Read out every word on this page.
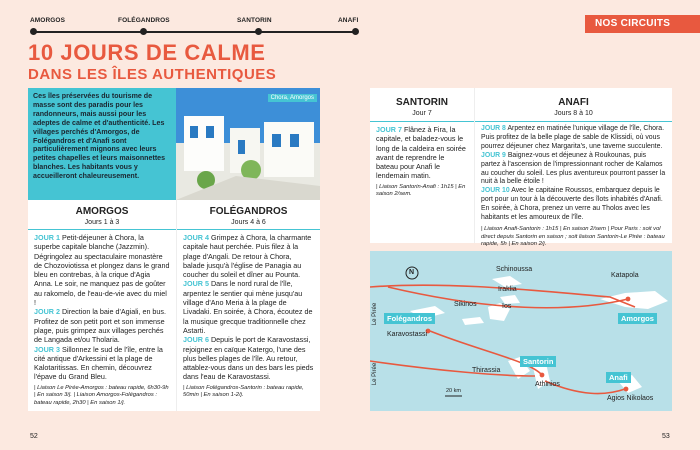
AMORGOS	FOLÉGANDROS	SANTORIN	ANAFI	NOS CIRCUITS
10 JOURS DE CALME
DANS LES ÎLES AUTHENTIQUES
Ces îles préservées du tourisme de masse sont des paradis pour les randonneurs, mais aussi pour les adeptes de calme et d'authenticité. Les villages perchés d'Amorgos, de Folégandros et d'Anafi sont particulièrement mignons avec leurs petites chapelles et leurs maisonnettes blanches. Les habitants vous y accueilleront chaleureusement.
Chora, Amorgos
AMORGOS
Jours 1 à 3
JOUR 1 Petit-déjeuner à Chora, la superbe capitale blanche (Jazzmin). Dégringolez au spectaculaire monastère de Chozoviotissa et plongez dans le grand bleu en contrebas, à la crique d'Agia Anna. Le soir, ne manquez pas de goûter au rakomelo, de l'eau-de-vie avec du miel !
JOUR 2 Direction la baie d'Agiali, en bus. Profitez de son petit port et son immense plage, puis grimpez aux villages perchés de Langada et/ou Tholaria.
JOUR 3 Sillonnez le sud de l'île, entre la cité antique d'Arkessini et la plage de Kalotaritissas. En chemin, découvrez l'épave du Grand Bleu.
| Liaison Le Pirée-Amorgos : bateau rapide, 6h30-9h | En saison 3/j. | Liaison Amorgos-Folégandros : bateau rapide, 2h30 | En saison 1/j.
FOLÉGANDROS
Jours 4 à 6
JOUR 4 Grimpez à Chora, la charmante capitale haut perchée. Puis filez à la plage d'Angali. De retour à Chora, balade jusqu'à l'église de Panagia au coucher du soleil et dîner au Pounta.
JOUR 5 Dans le nord rural de l'île, arpentez le sentier qui mène jusqu'au village d'Ano Meria à la plage de Livadaki. En soirée, à Chora, écoutez de la musique grecque traditionnelle chez Astarti.
JOUR 6 Depuis le port de Karavostassi, rejoignez en caïque Katergo, l'une des plus belles plages de l'île. Au retour, attablez-vous dans un des bars les pieds dans l'eau de Karavostassi.
| Liaison Folégandros-Santorin : bateau rapide, 50min | En saison 1-2/j.
SANTORIN
Jour 7
JOUR 7 Flânez à Fira, la capitale, et baladez-vous le long de la caldeira en soirée avant de reprendre le bateau pour Anafi le lendemain matin.
| Liaison Santorin-Anafi : 1h15 | En saison 2/sem.
ANAFI
Jours 8 à 10
JOUR 8 Arpentez en matinée l'unique village de l'île, Chora. Puis profitez de la belle plage de sable de Klissidi, où vous pourrez déjeuner chez Margarita's, une taverne succulente.
JOUR 9 Baignez-vous et déjeunez à Roukounas, puis partez à l'ascension de l'impressionnant rocher de Kalamos au coucher du soleil. Les plus aventureux pourront passer la nuit à la belle étoile !
JOUR 10 Avec le capitaine Roussos, embarquez depuis le port pour un tour à la découverte des îlots inhabités d'Anafi. En soirée, à Chora, prenez un verre au Tholos avec les habitants et les amoureux de l'île.
| Liaison Anafi-Santorin : 1h15 | En saison 2/sem | Pour Paris : soit vol direct depuis Santorin en saison ; soit liaison Santorin-Le Pirée : bateau rapide, 5h | En saison 2/j.
N	Schinoussa
Katapola
Iraklia
Sikinos	Ios
Karavostassi
Thirassia
Athinios
Agios Nikolaos
Le Pirée
Le Pirée
Amorgos
Folégandros
Santorin
Anafi
20 km
52	53
